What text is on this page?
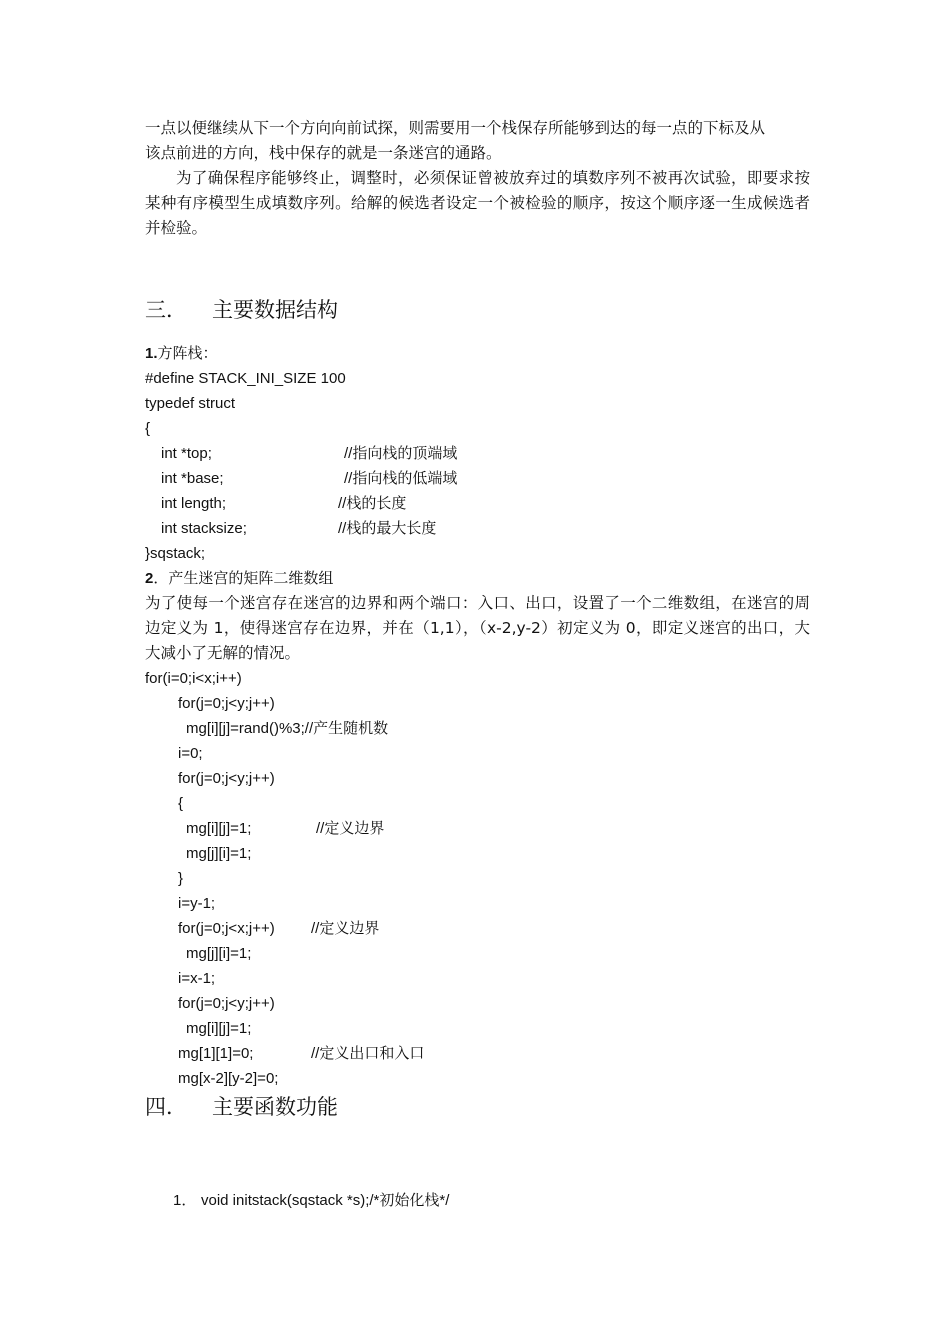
一点以便继续从下一个方向向前试探，则需要用一个栈保存所能够到达的每一点的下标及从
该点前进的方向，栈中保存的就是一条迷宫的通路。
为了确保程序能够终止，调整时，必须保证曾被放弃过的填数序列不被再次试验，即要求按某种有序模型生成填数序列。给解的候选者设定一个被检验的顺序，按这个顺序逐一生成候选者并检验。
三． 主要数据结构
1.方阵栈：
#define STACK_INI_SIZE 100
typedef struct
{
int *top;	//指向栈的顶端域
int *base;	//指向栈的低端域
int length;	//栈的长度
int stacksize;	//栈的最大长度
}sqstack;
2．产生迷宫的矩阵二维数组
为了使每一个迷宫存在迷宫的边界和两个端口：入口、出口，设置了一个二维数组，在迷宫的周边定义为 1，使得迷宫存在边界，并在（1,1），（x-2,y-2）初定义为 0，即定义迷宫的出口，大大减小了无解的情况。
for(i=0;i<x;i++)
for(j=0;j<y;j++)
mg[i][j]=rand()%3;//产生随机数
i=0;
for(j=0;j<y;j++)
{
mg[i][j]=1;	//定义边界
mg[j][i]=1;
}
i=y-1;
for(j=0;j<x;j++) //定义边界
mg[j][i]=1;
i=x-1;
for(j=0;j<y;j++)
mg[i][j]=1;
mg[1][1]=0;	//定义出口和入口
mg[x-2][y-2]=0;
四． 主要函数功能
1． void initstack(sqstack *s);/*初始化栈*/
